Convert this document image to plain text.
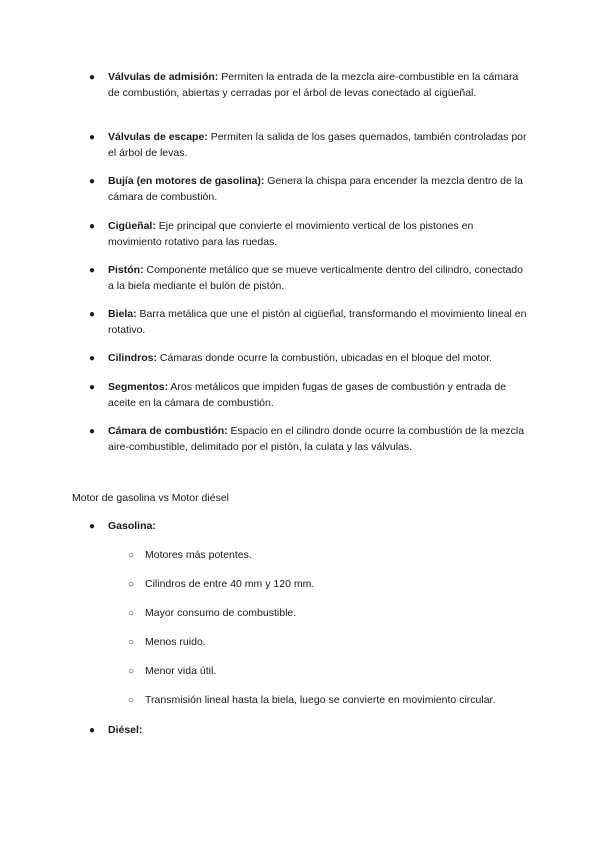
● Válvulas de admisión: Permiten la entrada de la mezcla aire-combustible en la cámara de combustión, abiertas y cerradas por el árbol de levas conectado al cigüeñal.
● Válvulas de escape: Permiten la salida de los gases quemados, también controladas por el árbol de levas.
● Bujía (en motores de gasolina): Genera la chispa para encender la mezcla dentro de la cámara de combustión.
● Cigüeñal: Eje principal que convierte el movimiento vertical de los pistones en movimiento rotativo para las ruedas.
● Pistón: Componente metálico que se mueve verticalmente dentro del cilindro, conectado a la biela mediante el bulón de pistón.
● Biela: Barra metálica que une el pistón al cigüeñal, transformando el movimiento lineal en rotativo.
● Cilindros: Cámaras donde ocurre la combustión, ubicadas en el bloque del motor.
● Segmentos: Aros metálicos que impiden fugas de gases de combustión y entrada de aceite en la cámara de combustión.
● Cámara de combustión: Espacio en el cilindro donde ocurre la combustión de la mezcla aire-combustible, delimitado por el pistón, la culata y las válvulas.
Motor de gasolina vs Motor diésel
● Gasolina:
○ Motores más potentes.
○ Cilindros de entre 40 mm y 120 mm.
○ Mayor consumo de combustible.
○ Menos ruido.
○ Menor vida útil.
○ Transmisión lineal hasta la biela, luego se convierte en movimiento circular.
● Diésel:
